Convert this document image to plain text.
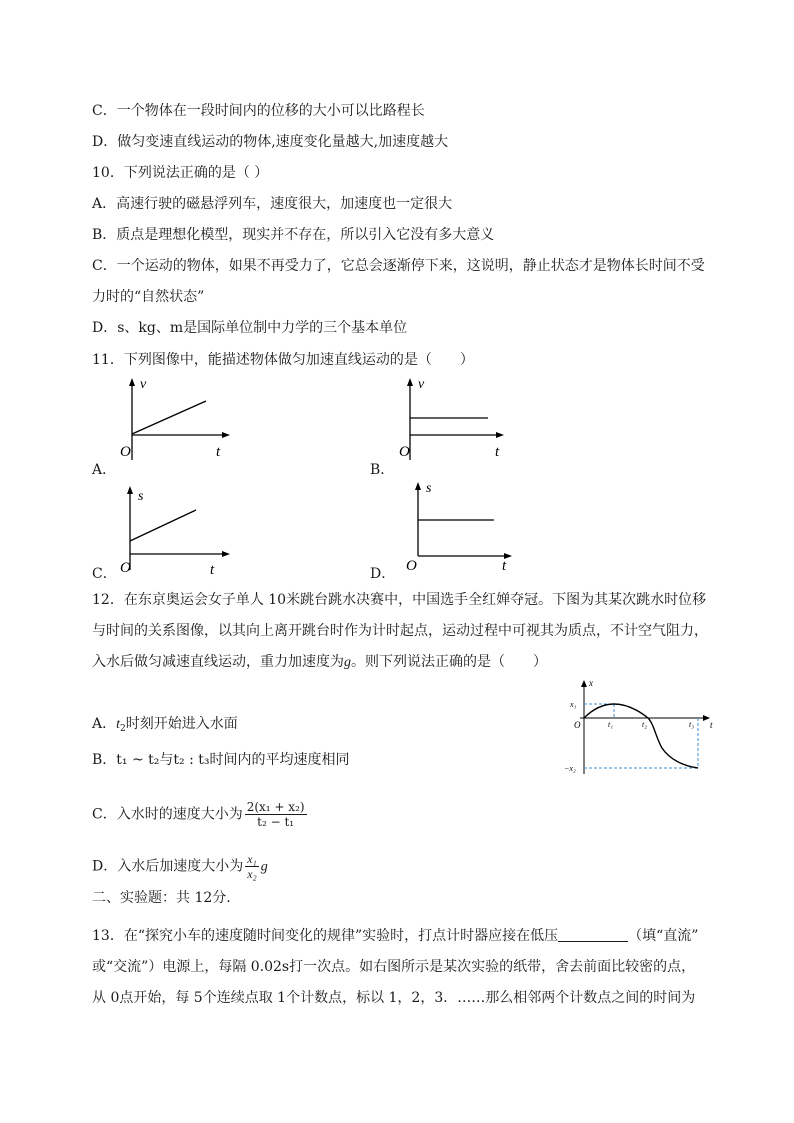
C．一个物体在一段时间内的位移的大小可以比路程长
D．做匀变速直线运动的物体,速度变化量越大,加速度越大
10．下列说法正确的是（ ）
A．高速行驶的磁悬浮列车，速度很大，加速度也一定很大
B．质点是理想化模型，现实并不存在，所以引入它没有多大意义
C．一个运动的物体，如果不再受力了，它总会逐渐停下来，这说明，静止状态才是物体长时间不受
力时的“自然状态”
D．s、kg、m是国际单位制中力学的三个基本单位
11．下列图像中，能描述物体做匀加速直线运动的是（　　）
A．
v
O	t
B．
v
O	t
C．
s
O	t	D．
s
O	t
12．在东京奥运会女子单人 10米跳台跳水决赛中，中国选手全红婵夺冠。下图为其某次跳水时位移
与时间的关系图像，以其向上离开跳台时作为计时起点，运动过程中可视其为质点，不计空气阻力，
入水后做匀减速直线运动，重力加速度为g。则下列说法正确的是（　　）
A．$t_2$时刻开始进入水面
B．t₁ ~ t₂与t₂ : t₃时间内的平均速度相同
C．入水时的速度大小为 $\frac{\text{2(x₁ + x₂)}}{\text{t₂ − t₁}}$
D．入水后加速度大小为 $\frac{\text{x₁}}{\text{x₂}}$ g
x
t
O
x₁
−x₂
t₁	t₂	t₃
二、实验题：共 12分.
13．在“探究小车的速度随时间变化的规律”实验时，打点计时器应接在低压	（填“直流”
或“交流”）电源上，每隔 0.02s打一次点。如右图所示是某次实验的纸带，舍去前面比较密的点，
从 0点开始，每 5个连续点取 1个计数点，标以 1，2，3．……那么相邻两个计数点之间的时间为
